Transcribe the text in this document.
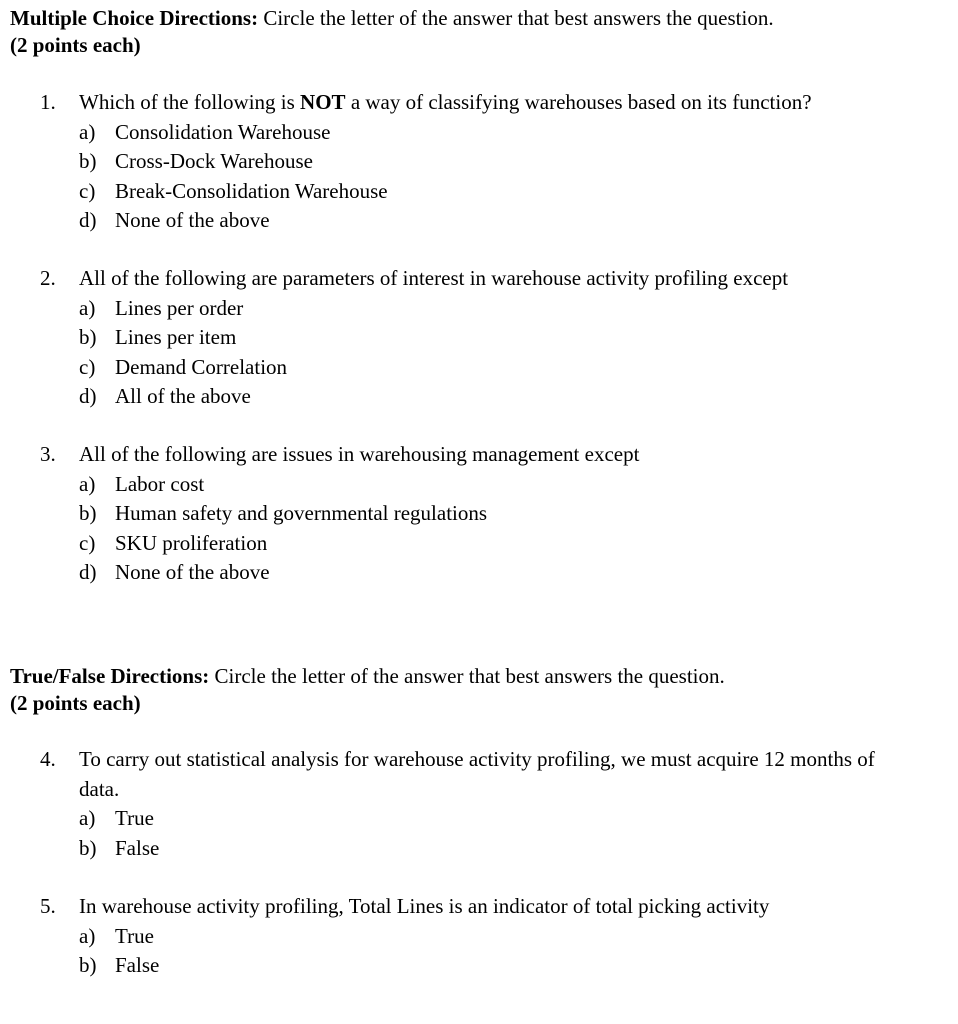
Multiple Choice Directions: Circle the letter of the answer that best answers the question.
(2 points each)
1.	Which of the following is NOT a way of classifying warehouses based on its function?
a) Consolidation Warehouse
b) Cross-Dock Warehouse
c) Break-Consolidation Warehouse
d) None of the above
2.	All of the following are parameters of interest in warehouse activity profiling except
a) Lines per order
b) Lines per item
c) Demand Correlation
d) All of the above
3.	All of the following are issues in warehousing management except
a) Labor cost
b) Human safety and governmental regulations
c) SKU proliferation
d) None of the above
True/False Directions: Circle the letter of the answer that best answers the question.
(2 points each)
4.	To carry out statistical analysis for warehouse activity profiling, we must acquire 12 months of data.
a) True
b) False
5.	In warehouse activity profiling, Total Lines is an indicator of total picking activity
a) True
b) False
